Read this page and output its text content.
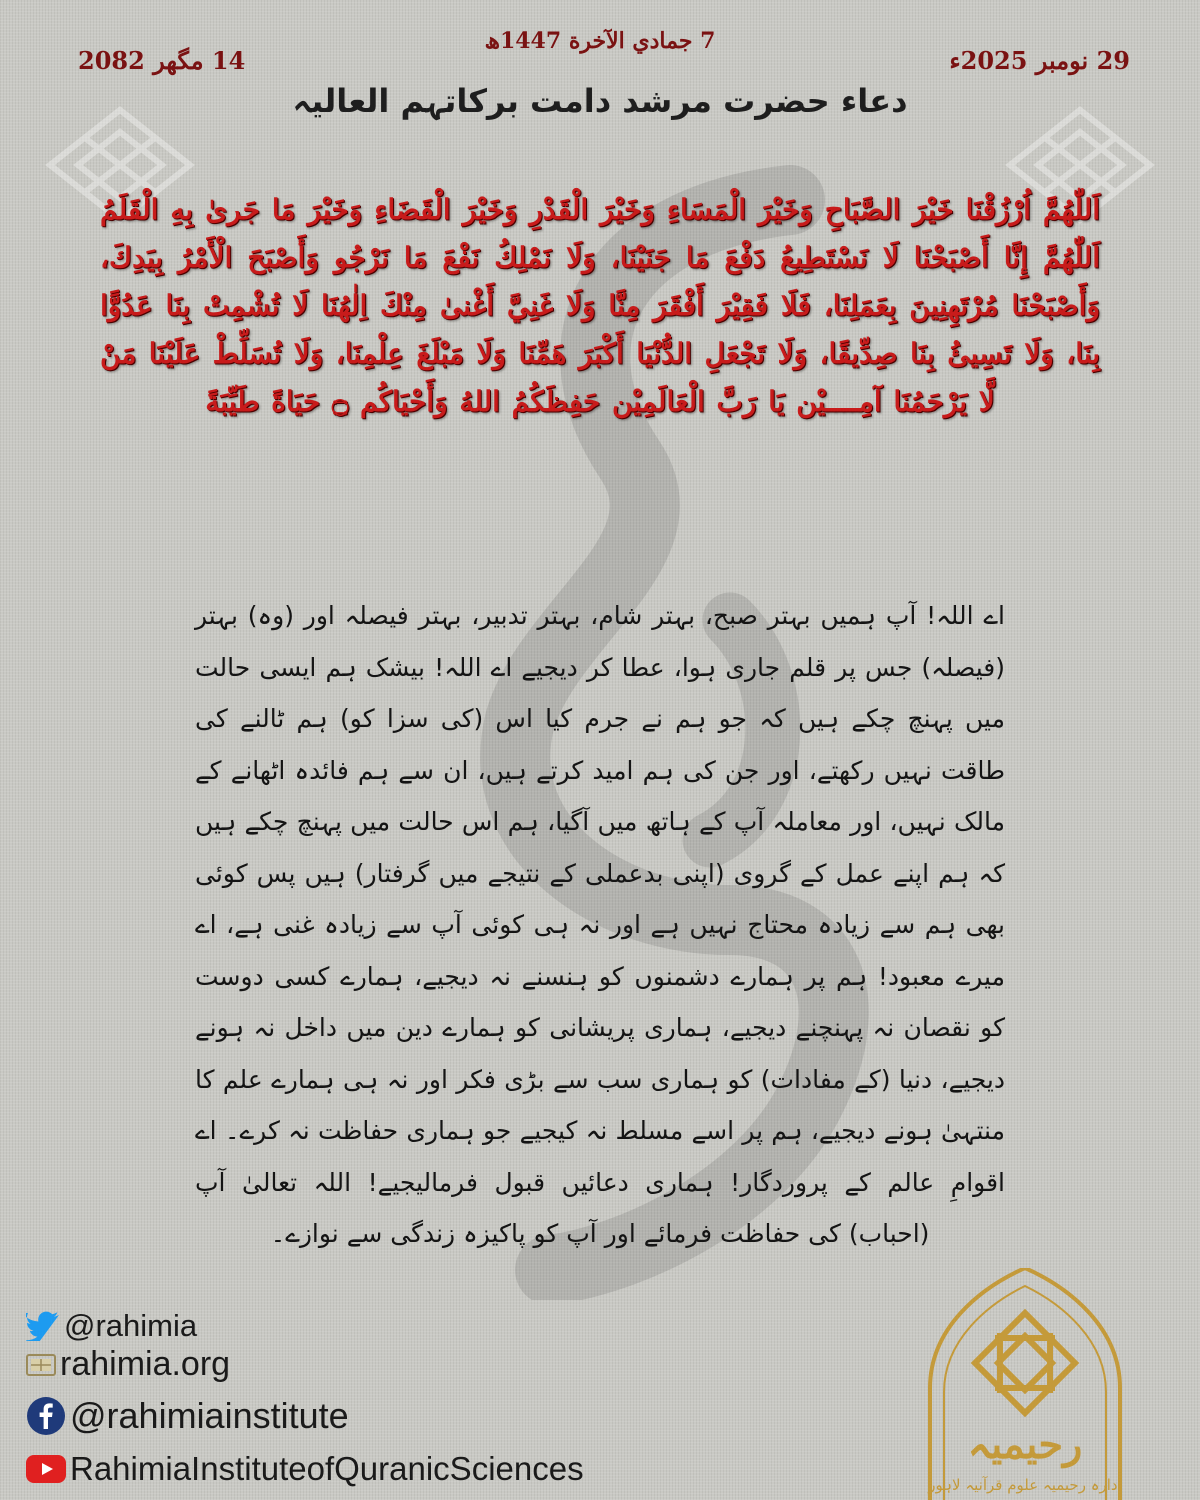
7 جمادي الآخرة 1447ھ
29 نومبر 2025ء
14 مگھر 2082
دعاء حضرت مرشد دامت برکاتہم العالیہ
اَللّٰهُمَّ اُرْزُقْنَا خَيْرَ الصَّبَاحِ وَخَيْرَ الْمَسَاءِ وَخَيْرَ الْقَدْرِ وَخَيْرَ الْقَضَاءِ وَخَيْرَ مَا جَرىٰ بِهِ الْقَلَمُ اَللّٰهُمَّ إِنَّا أَصْبَحْنَا لَا نَسْتَطِيعُ دَفْعَ مَا جَنَيْنَا، وَلَا نَمْلِكُ نَفْعَ مَا نَرْجُو وَأَصْبَحَ الْأَمْرُ بِيَدِكَ، وَأَصْبَحْنَا مُرْتَهِنِينَ بِعَمَلِنَا، فَلَا فَقِيْرَ أَفْقَرَ مِنَّا وَلَا غَنِيَّ أَغْنىٰ مِنْكَ اِلٰهُنَا لَا تُشْمِتْ بِنَا عَدُوًّا بِنَا، وَلَا تَسِيئُ بِنَا صِدِّيقًا، وَلَا تَجْعَلِ الدُّنْيَا أَكْبَرَ هَمِّنَا وَلَا مَبْلَغَ عِلْمِنَا، وَلَا تُسَلِّطْ عَلَيْنَا مَنْ لَّا يَرْحَمُنَا آمِــــيْن يَا رَبَّ الْعَالَمِيْن حَفِظَكُمُ اللهُ وَأَحْيَاكُم ۝ حَيَاةً طَيِّبَةً
اے اللہ! آپ ہمیں بہتر صبح، بہتر شام، بہتر تدبیر، بہتر فیصلہ اور (وہ) بہتر (فیصلہ) جس پر قلم جاری ہوا، عطا کر دیجیے اے اللہ! بیشک ہم ایسی حالت میں پہنچ چکے ہیں کہ جو ہم نے جرم کیا اس (کی سزا کو) ہم ٹالنے کی طاقت نہیں رکھتے، اور جن کی ہم امید کرتے ہیں، ان سے ہم فائدہ اٹھانے کے مالک نہیں، اور معاملہ آپ کے ہاتھ میں آگیا، ہم اس حالت میں پہنچ چکے ہیں کہ ہم اپنے عمل کے گروی (اپنی بدعملی کے نتیجے میں گرفتار) ہیں پس کوئی بھی ہم سے زیادہ محتاج نہیں ہے اور نہ ہی کوئی آپ سے زیادہ غنی ہے، اے میرے معبود! ہم پر ہمارے دشمنوں کو ہنسنے نہ دیجیے، ہمارے کسی دوست کو نقصان نہ پہنچنے دیجیے، ہماری پریشانی کو ہمارے دین میں داخل نہ ہونے دیجیے، دنیا (کے مفادات) کو ہماری سب سے بڑی فکر اور نہ ہی ہمارے علم کا منتہیٰ ہونے دیجیے، ہم پر اسے مسلط نہ کیجیے جو ہماری حفاظت نہ کرے۔ اے اقوامِ عالم کے پروردگار! ہماری دعائیں قبول فرمالیجیے! اللہ تعالیٰ آپ (احباب) کی حفاظت فرمائے اور آپ کو پاکیزہ زندگی سے نوازے۔
@rahimia
rahimia.org
@rahimiainstitute
RahimiaInstituteofQuranicSciences
رحیمیہ
ادارہ رحیمیہ علوم قرآنیہ لاہور
